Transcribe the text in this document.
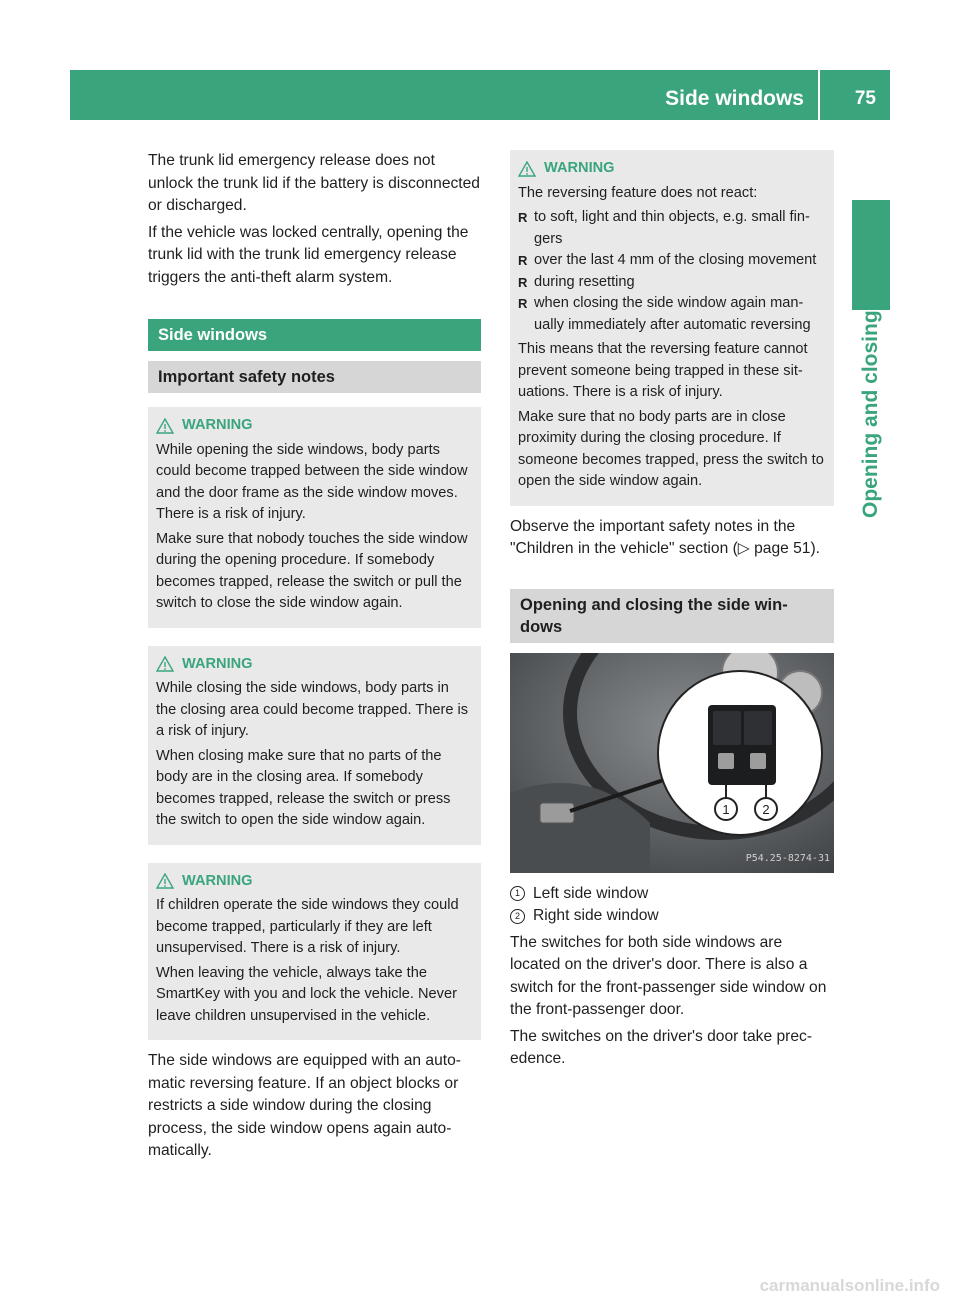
Side windows	75
Opening and closing

The trunk lid emergency release does not unlock the trunk lid if the battery is disconnected or discharged.

If the vehicle was locked centrally, opening the trunk lid with the trunk lid emergency release triggers the anti-theft alarm system.

Side windows
Important safety notes
WARNING

While opening the side windows, body parts could become trapped between the side window and the door frame as the side window moves. There is a risk of injury.

Make sure that nobody touches the side window during the opening procedure. If somebody becomes trapped, release the switch or pull the switch to close the side window again.

WARNING

While closing the side windows, body parts in the closing area could become trapped. There is a risk of injury.

When closing make sure that no parts of the body are in the closing area. If somebody becomes trapped, release the switch or press the switch to open the side window again.

WARNING

If children operate the side windows they could become trapped, particularly if they are left unsupervised. There is a risk of injury.

When leaving the vehicle, always take the SmartKey with you and lock the vehicle. Never leave children unsupervised in the vehicle.

The side windows are equipped with an automatic reversing feature. If an object blocks or restricts a side window during the closing process, the side window opens again automatically.

WARNING

The reversing feature does not react:

R to soft, light and thin objects, e.g. small fingers
R over the last 4 mm of the closing movement
R during resetting
R when closing the side window again manually immediately after automatic reversing

This means that the reversing feature cannot prevent someone being trapped in these situations. There is a risk of injury.

Make sure that no body parts are in close proximity during the closing procedure. If someone becomes trapped, press the switch to open the side window again.

Observe the important safety notes in the "Children in the vehicle" section (▷ page 51).

Opening and closing the side windows
1	2
P54.25-8274-31
1 Left side window
2 Right side window

The switches for both side windows are located on the driver's door. There is also a switch for the front-passenger side window on the front-passenger door.

The switches on the driver's door take precedence.

carmanualsonline.info
